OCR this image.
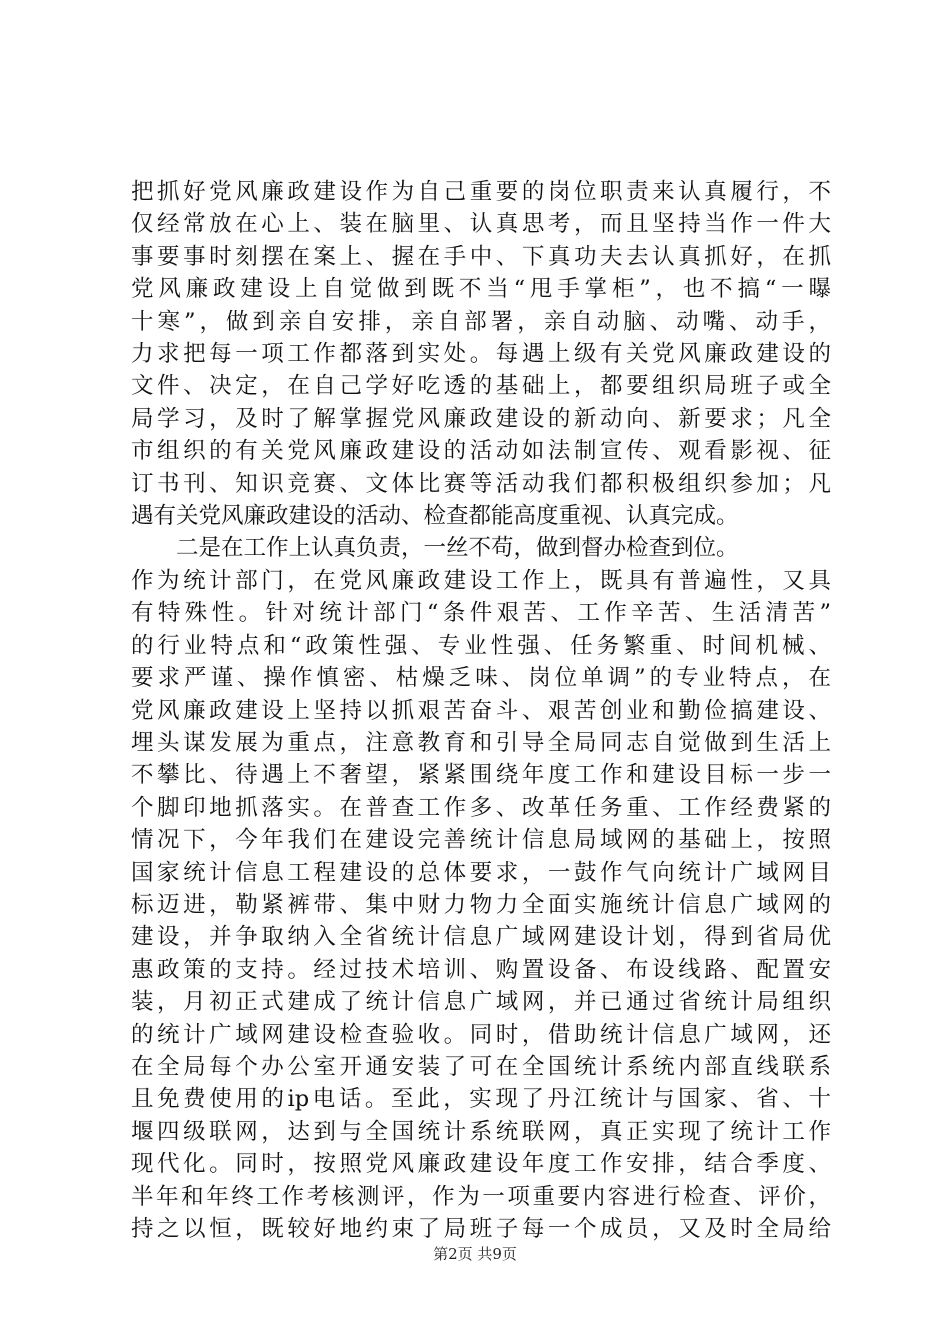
把抓好党风廉政建设作为自己重要的岗位职责来认真履行，不
仅经常放在心上、装在脑里、认真思考，而且坚持当作一件大
事要事时刻摆在案上、握在手中、下真功夫去认真抓好，在抓
党风廉政建设上自觉做到既不当“甩手掌柜”，也不搞“一曝
十寒”，做到亲自安排，亲自部署，亲自动脑、动嘴、动手，
力求把每一项工作都落到实处。每遇上级有关党风廉政建设的
文件、决定，在自己学好吃透的基础上，都要组织局班子或全
局学习，及时了解掌握党风廉政建设的新动向、新要求；凡全
市组织的有关党风廉政建设的活动如法制宣传、观看影视、征
订书刊、知识竞赛、文体比赛等活动我们都积极组织参加；凡
遇有关党风廉政建设的活动、检查都能高度重视、认真完成。
　　二是在工作上认真负责，一丝不苟，做到督办检查到位。
作为统计部门，在党风廉政建设工作上，既具有普遍性，又具
有特殊性。针对统计部门“条件艰苦、工作辛苦、生活清苦”
的行业特点和“政策性强、专业性强、任务繁重、时间机械、
要求严谨、操作慎密、枯燥乏味、岗位单调”的专业特点，在
党风廉政建设上坚持以抓艰苦奋斗、艰苦创业和勤俭搞建设、
埋头谋发展为重点，注意教育和引导全局同志自觉做到生活上
不攀比、待遇上不奢望，紧紧围绕年度工作和建设目标一步一
个脚印地抓落实。在普查工作多、改革任务重、工作经费紧的
情况下，今年我们在建设完善统计信息局域网的基础上，按照
国家统计信息工程建设的总体要求，一鼓作气向统计广域网目
标迈进，勒紧裤带、集中财力物力全面实施统计信息广域网的
建设，并争取纳入全省统计信息广域网建设计划，得到省局优
惠政策的支持。经过技术培训、购置设备、布设线路、配置安
装，月初正式建成了统计信息广域网，并已通过省统计局组织
的统计广域网建设检查验收。同时，借助统计信息广域网，还
在全局每个办公室开通安装了可在全国统计系统内部直线联系
且免费使用的ip电话。至此，实现了丹江统计与国家、省、十
堰四级联网，达到与全国统计系统联网，真正实现了统计工作
现代化。同时，按照党风廉政建设年度工作安排，结合季度、
半年和年终工作考核测评，作为一项重要内容进行检查、评价，
持之以恒，既较好地约束了局班子每一个成员，又及时全局给
第2页 共9页
